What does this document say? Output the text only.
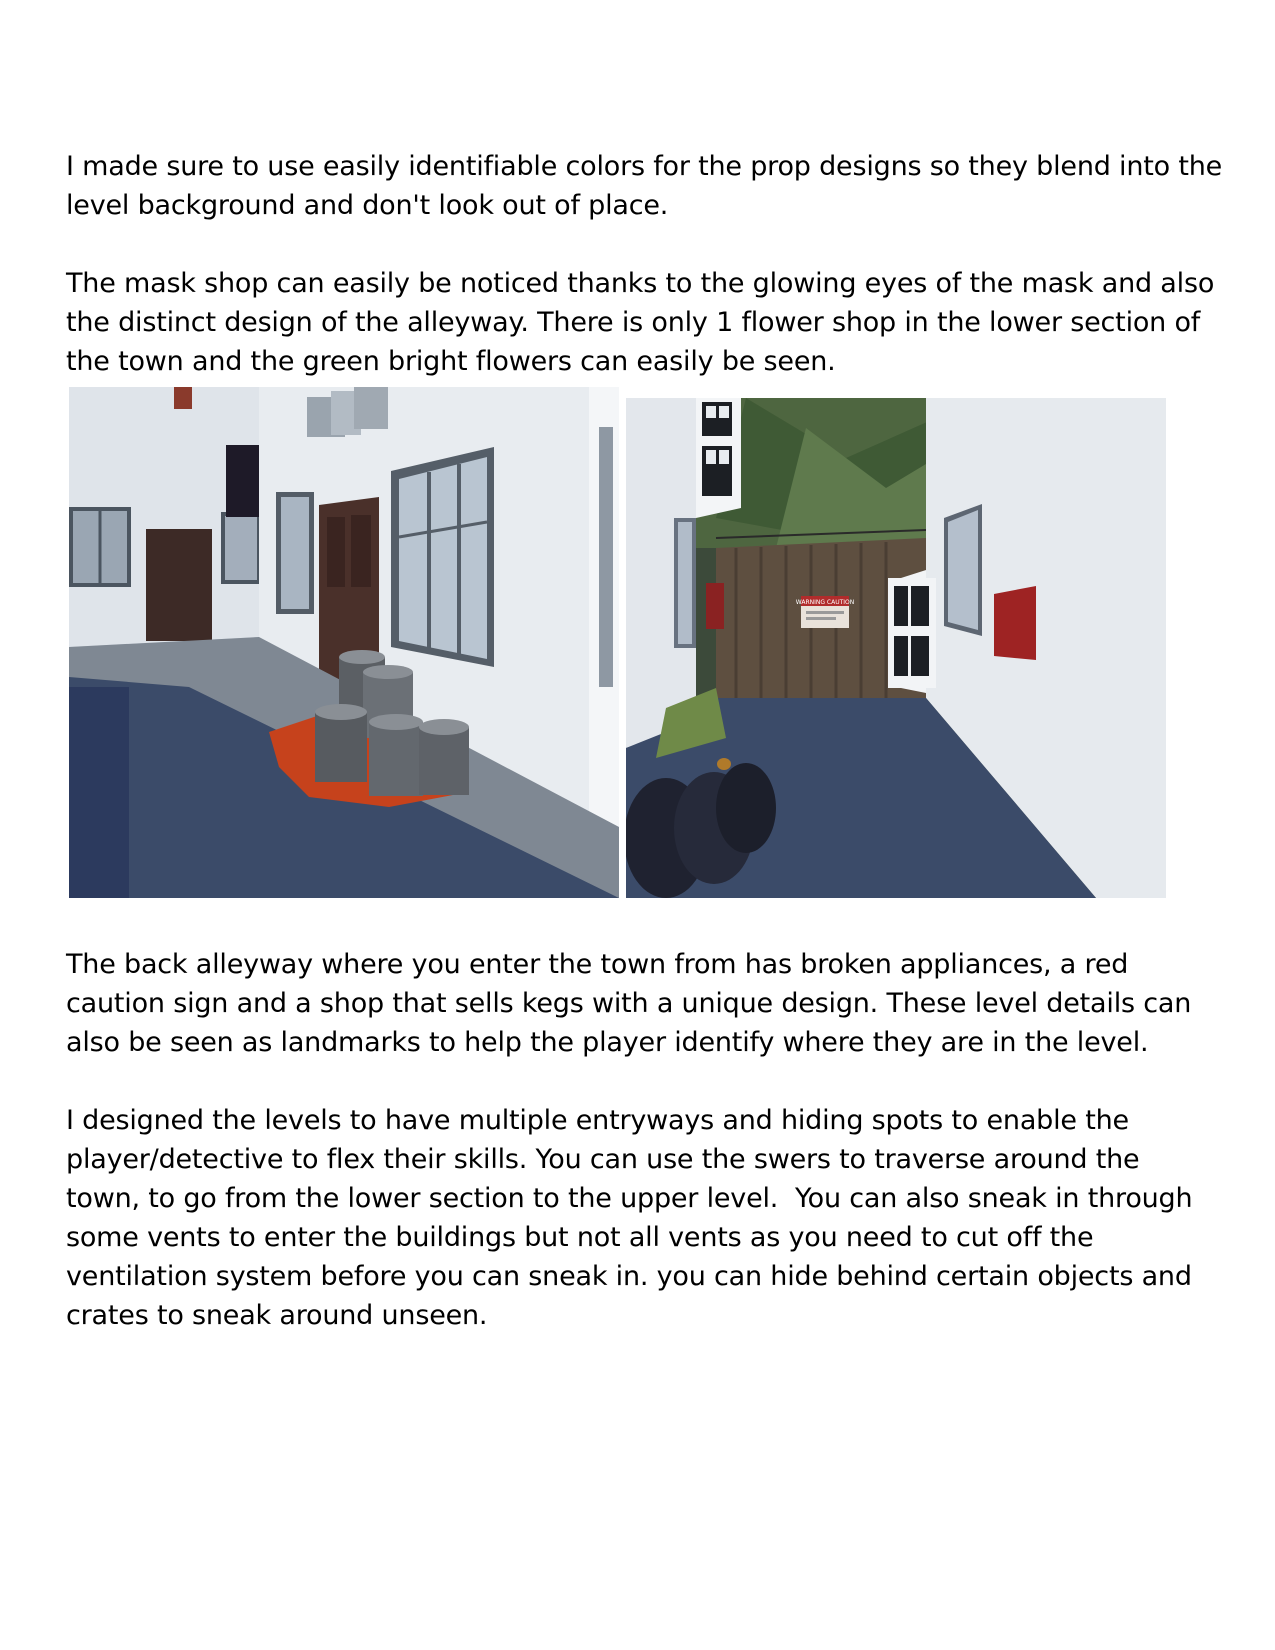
I made sure to use easily identifiable colors for the prop designs so they blend into the
level background and don't look out of place.
The mask shop can easily be noticed thanks to the glowing eyes of the mask and also
the distinct design of the alleyway. There is only 1 flower shop in the lower section of
the town and the green bright flowers can easily be seen.
WARNING CAUTION
The back alleyway where you enter the town from has broken appliances, a red
caution sign and a shop that sells kegs with a unique design. These level details can
also be seen as landmarks to help the player identify where they are in the level.
I designed the levels to have multiple entryways and hiding spots to enable the
player/detective to flex their skills. You can use the swers to traverse around the
town, to go from the lower section to the upper level.  You can also sneak in through
some vents to enter the buildings but not all vents as you need to cut off the
ventilation system before you can sneak in. you can hide behind certain objects and
crates to sneak around unseen.
